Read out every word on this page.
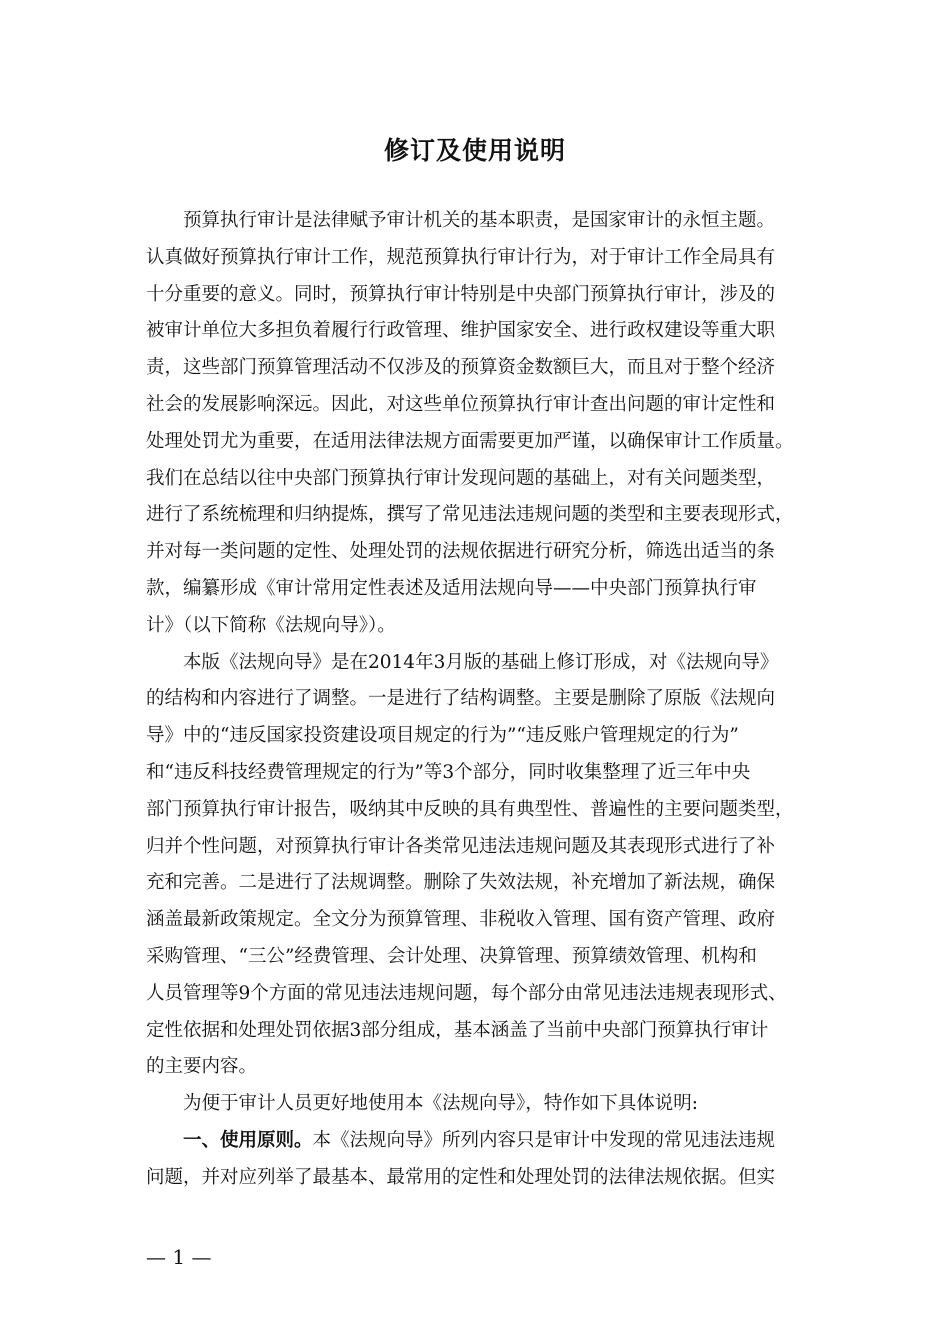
修订及使用说明
预算执行审计是法律赋予审计机关的基本职责，是国家审计的永恒主题。
认真做好预算执行审计工作，规范预算执行审计行为，对于审计工作全局具有
十分重要的意义。同时，预算执行审计特别是中央部门预算执行审计，涉及的
被审计单位大多担负着履行行政管理、维护国家安全、进行政权建设等重大职
责，这些部门预算管理活动不仅涉及的预算资金数额巨大，而且对于整个经济
社会的发展影响深远。因此，对这些单位预算执行审计查出问题的审计定性和
处理处罚尤为重要，在适用法律法规方面需要更加严谨，以确保审计工作质量。
我们在总结以往中央部门预算执行审计发现问题的基础上，对有关问题类型，
进行了系统梳理和归纳提炼，撰写了常见违法违规问题的类型和主要表现形式，
并对每一类问题的定性、处理处罚的法规依据进行研究分析，筛选出适当的条
款，编纂形成《审计常用定性表述及适用法规向导——中央部门预算执行审
计》（以下简称《法规向导》）。
本版《法规向导》是在2014年3月版的基础上修订形成，对《法规向导》
的结构和内容进行了调整。一是进行了结构调整。主要是删除了原版《法规向
导》中的“违反国家投资建设项目规定的行为”“违反账户管理规定的行为”
和“违反科技经费管理规定的行为”等3个部分，同时收集整理了近三年中央
部门预算执行审计报告，吸纳其中反映的具有典型性、普遍性的主要问题类型，
归并个性问题，对预算执行审计各类常见违法违规问题及其表现形式进行了补
充和完善。二是进行了法规调整。删除了失效法规，补充增加了新法规，确保
涵盖最新政策规定。全文分为预算管理、非税收入管理、国有资产管理、政府
采购管理、“三公”经费管理、会计处理、决算管理、预算绩效管理、机构和
人员管理等9个方面的常见违法违规问题，每个部分由常见违法违规表现形式、
定性依据和处理处罚依据3部分组成，基本涵盖了当前中央部门预算执行审计
的主要内容。
为便于审计人员更好地使用本《法规向导》，特作如下具体说明:
一、使用原则。本《法规向导》所列内容只是审计中发现的常见违法违规
问题，并对应列举了最基本、最常用的定性和处理处罚的法律法规依据。但实
— 1 —
